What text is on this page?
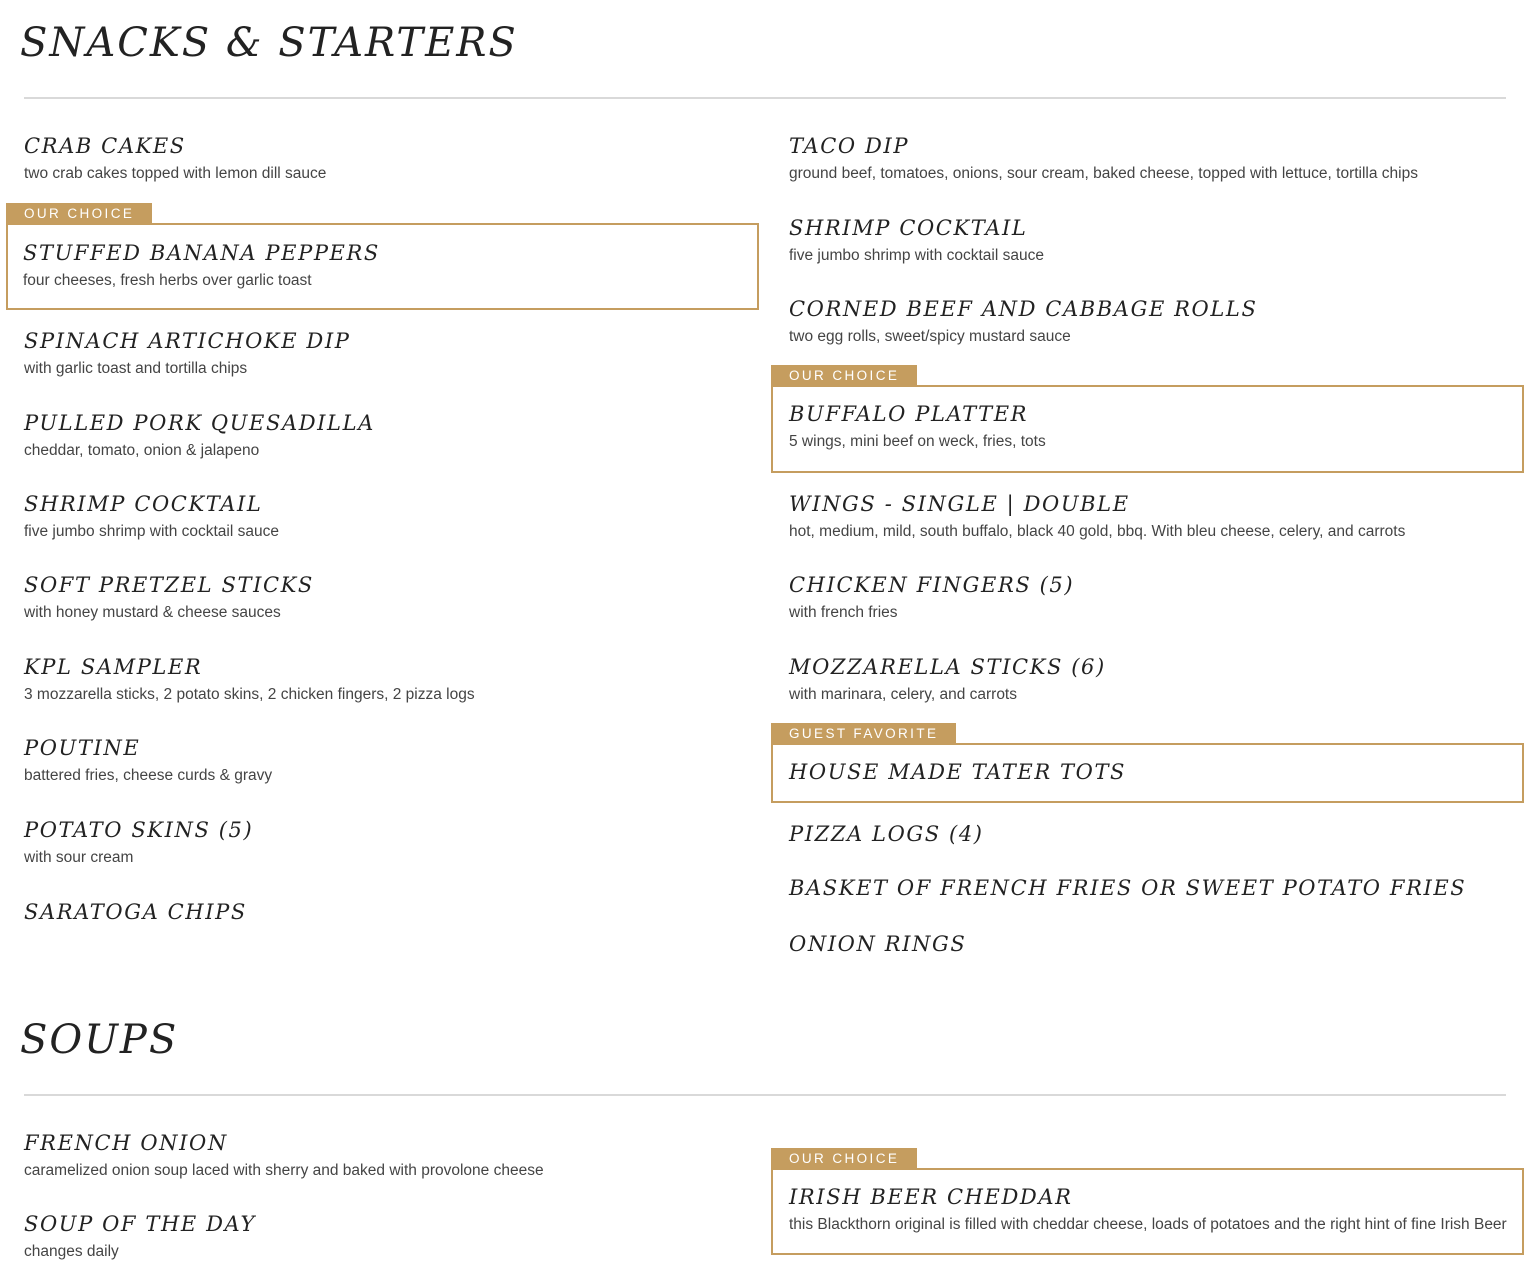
SNACKS & STARTERS
CRAB CAKES
two crab cakes topped with lemon dill sauce
OUR CHOICE
STUFFED BANANA PEPPERS
four cheeses, fresh herbs over garlic toast
SPINACH ARTICHOKE DIP
with garlic toast and tortilla chips
PULLED PORK QUESADILLA
cheddar, tomato, onion & jalapeno
SHRIMP COCKTAIL
five jumbo shrimp with cocktail sauce
SOFT PRETZEL STICKS
with honey mustard & cheese sauces
KPL SAMPLER
3 mozzarella sticks, 2 potato skins, 2 chicken fingers, 2 pizza logs
POUTINE
battered fries, cheese curds & gravy
POTATO SKINS (5)
with sour cream
SARATOGA CHIPS
TACO DIP
ground beef, tomatoes, onions, sour cream, baked cheese, topped with lettuce, tortilla chips
SHRIMP COCKTAIL
five jumbo shrimp with cocktail sauce
CORNED BEEF AND CABBAGE ROLLS
two egg rolls, sweet/spicy mustard sauce
OUR CHOICE
BUFFALO PLATTER
5 wings, mini beef on weck, fries, tots
WINGS - SINGLE | DOUBLE
hot, medium, mild, south buffalo, black 40 gold, bbq. With bleu cheese, celery, and carrots
CHICKEN FINGERS (5)
with french fries
MOZZARELLA STICKS (6)
with marinara, celery, and carrots
GUEST FAVORITE
HOUSE MADE TATER TOTS
PIZZA LOGS (4)
BASKET OF FRENCH FRIES OR SWEET POTATO FRIES
ONION RINGS
SOUPS
FRENCH ONION
caramelized onion soup laced with sherry and baked with provolone cheese
SOUP OF THE DAY
changes daily
OUR CHOICE
IRISH BEER CHEDDAR
this Blackthorn original is filled with cheddar cheese, loads of potatoes and the right hint of fine Irish Beer
